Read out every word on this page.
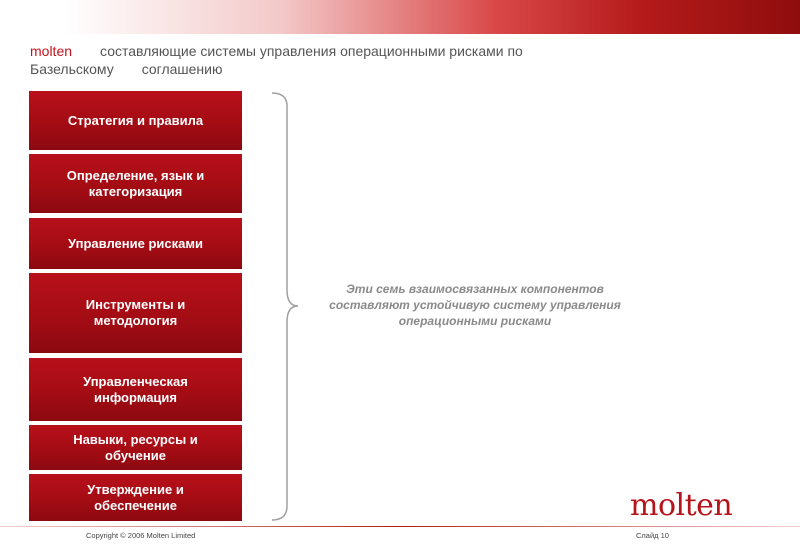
molten составляющие системы управления операционными рисками по
Базельскому соглашению
Стратегия и правила
Определение, язык и категоризация
Управление рисками
Инструменты и методология
Управленческая информация
Навыки, ресурсы и обучение
Утверждение и обеспечение
Эти семь взаимосвязанных компонентов составляют устойчивую систему управления операционными рисками
molten
Copyright © 2006 Molten Limited	Слайд 10
